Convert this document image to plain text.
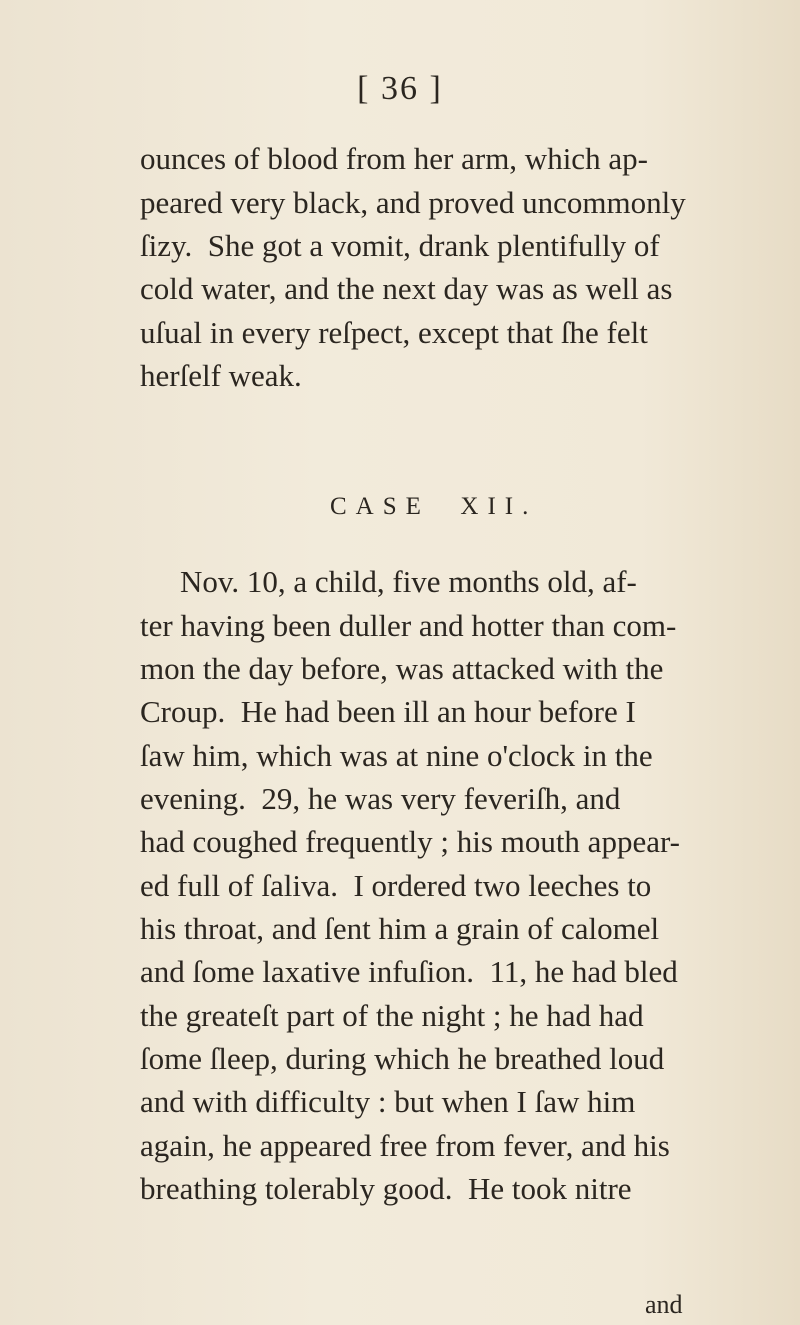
[ 36 ]
ounces of blood from her arm, which ap-
peared very black, and proved uncommonly
ſizy.  She got a vomit, drank plentifully of
cold water, and the next day was as well as
uſual in every reſpect, except that ſhe felt
herſelf weak.
CASE  XII.
Nov. 10, a child, five months old, af-
ter having been duller and hotter than com-
mon the day before, was attacked with the
Croup.  He had been ill an hour before I
ſaw him, which was at nine o'clock in the
evening.  29, he was very feveriſh, and
had coughed frequently ; his mouth appear-
ed full of ſaliva.  I ordered two leeches to
his throat, and ſent him a grain of calomel
and ſome laxative infuſion.  11, he had bled
the greateſt part of the night ; he had had
ſome ſleep, during which he breathed loud
and with difficulty : but when I ſaw him
again, he appeared free from fever, and his
breathing tolerably good.  He took nitre
and
